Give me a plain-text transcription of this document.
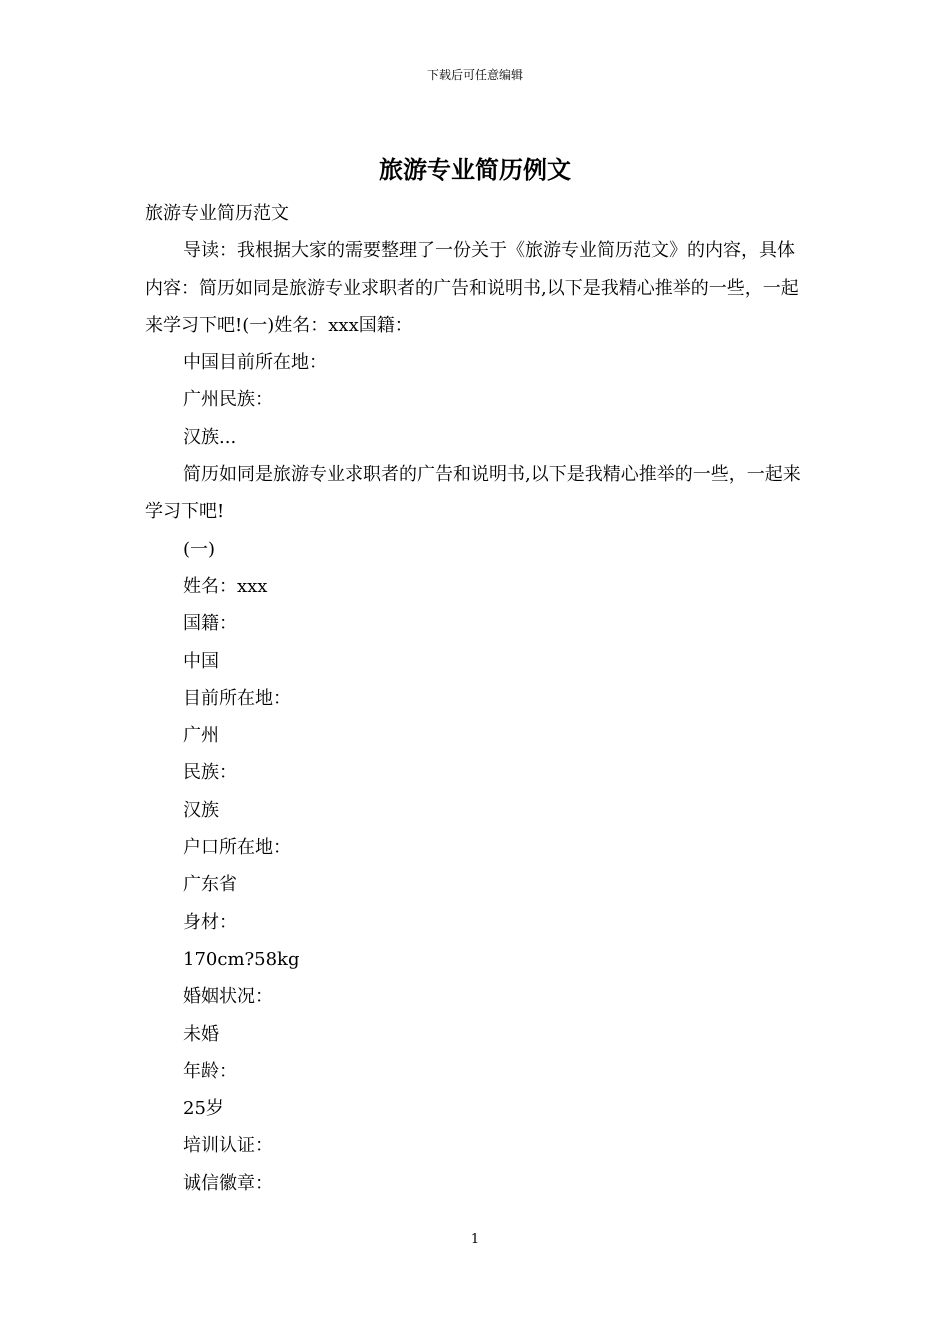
下载后可任意编辑
旅游专业简历例文

旅游专业简历范文

导读：我根据大家的需要整理了一份关于《旅游专业简历范文》的内容，具体内容：简历如同是旅游专业求职者的广告和说明书,以下是我精心推举的一些，一起来学习下吧!(一)姓名：xxx国籍：

中国目前所在地：

广州民族：

汉族...

简历如同是旅游专业求职者的广告和说明书,以下是我精心推举的一些，一起来学习下吧!

(一)

姓名：xxx

国籍：

中国

目前所在地：

广州

民族：

汉族

户口所在地：

广东省

身材：

170cm?58kg

婚姻状况：

未婚

年龄：

25岁

培训认证：

诚信徽章：

1
